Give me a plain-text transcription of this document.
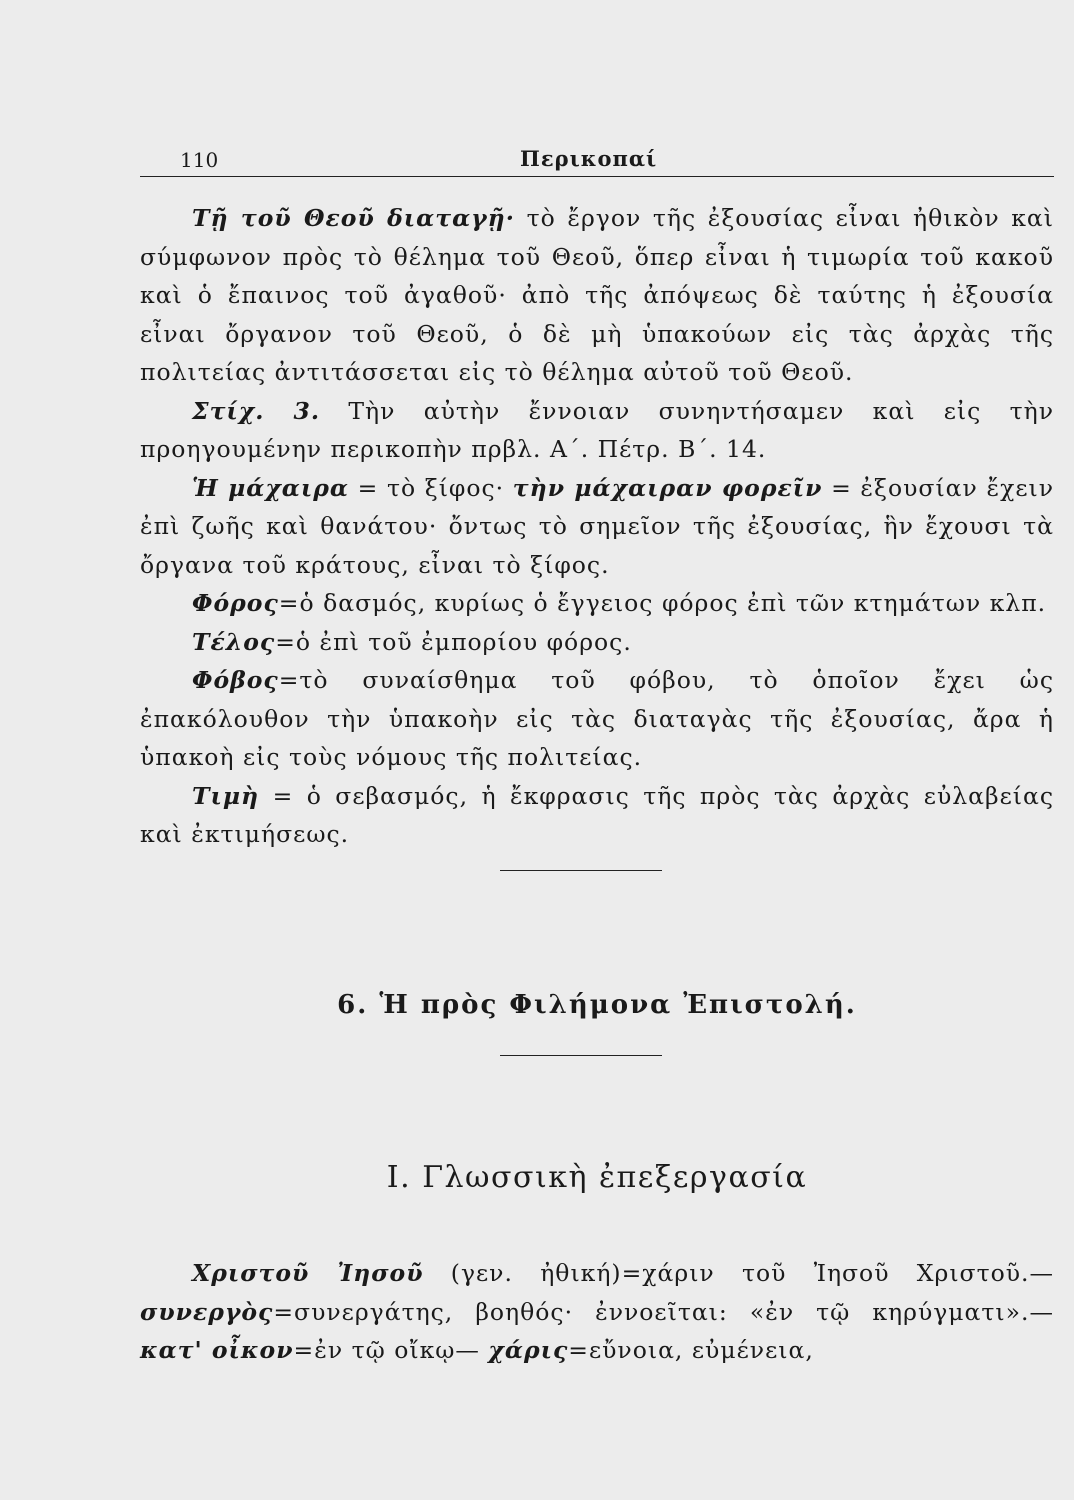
110	Περικοπαί

Τῇ τοῦ Θεοῦ διαταγῇ· τὸ ἔργον τῆς ἐξουσίας εἶναι ἠθικὸν καὶ σύμφωνον πρὸς τὸ θέλημα τοῦ Θεοῦ, ὅπερ εἶναι ἡ τιμωρία τοῦ κακοῦ καὶ ὁ ἔπαινος τοῦ ἀγαθοῦ· ἀπὸ τῆς ἀπόψεως δὲ ταύτης ἡ ἐξουσία εἶναι ὄργανον τοῦ Θεοῦ, ὁ δὲ μὴ ὑπακούων εἰς τὰς ἀρχὰς τῆς πολιτείας ἀντιτάσσεται εἰς τὸ θέλημα αὐτοῦ τοῦ Θεοῦ.

Στίχ. 3. Τὴν αὐτὴν ἔννοιαν συνηντήσαμεν καὶ εἰς τὴν προηγουμένην περικοπὴν πρβλ. Α΄. Πέτρ. Β΄. 14.

Ἡ μάχαιρα = τὸ ξίφος· τὴν μάχαιραν φορεῖν = ἐξουσίαν ἔχειν ἐπὶ ζωῆς καὶ θανάτου· ὄντως τὸ σημεῖον τῆς ἐξουσίας, ἣν ἔχουσι τὰ ὄργανα τοῦ κράτους, εἶναι τὸ ξίφος.

Φόρος=ὁ δασμός, κυρίως ὁ ἔγγειος φόρος ἐπὶ τῶν κτημάτων κλπ.

Τέλος=ὁ ἐπὶ τοῦ ἐμπορίου φόρος.

Φόβος=τὸ συναίσθημα τοῦ φόβου, τὸ ὁποῖον ἔχει ὡς ἐπακόλουθον τὴν ὑπακοὴν εἰς τὰς διαταγὰς τῆς ἐξουσίας, ἄρα ἡ ὑπακοὴ εἰς τοὺς νόμους τῆς πολιτείας.

Τιμὴ = ὁ σεβασμός, ἡ ἔκφρασις τῆς πρὸς τὰς ἀρχὰς εὐλαβείας καὶ ἐκτιμήσεως.

6. Ἡ πρὸς Φιλήμονα Ἐπιστολή.
Ι. Γλωσσικὴ ἐπεξεργασία

Χριστοῦ Ἰησοῦ (γεν. ἠθική)=χάριν τοῦ Ἰησοῦ Χριστοῦ.— συνεργὸς=συνεργάτης, βοηθός· ἐννοεῖται: «ἐν τῷ κηρύγματι».— κατ' οἶκον=ἐν τῷ οἴκῳ— χάρις=εὔνοια, εὐμένεια,
